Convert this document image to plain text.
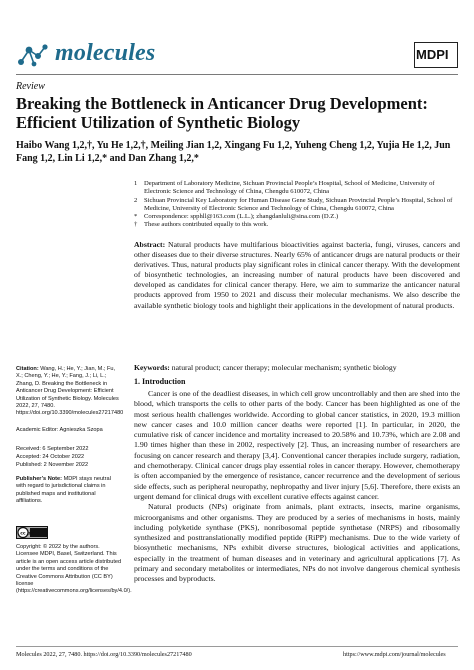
molecules	MDPI
Review
Breaking the Bottleneck in Anticancer Drug Development: Efficient Utilization of Synthetic Biology
Haibo Wang 1,2,†, Yu He 1,2,†, Meiling Jian 1,2, Xingang Fu 1,2, Yuheng Cheng 1,2, Yujia He 1,2, Jun Fang 1,2, Lin Li 1,2,* and Dan Zhang 1,2,*
1	Department of Laboratory Medicine, Sichuan Provincial People’s Hospital, School of Medicine, University of Electronic Science and Technology of China, Chengdu 610072, China
2	Sichuan Provincial Key Laboratory for Human Disease Gene Study, Sichuan Provincial People’s Hospital, School of Medicine, University of Electronic Science and Technology of China, Chengdu 610072, China
*	Correspondence: spphll@163.com (L.L.); zhangdanluli@sina.com (D.Z.)
†	These authors contributed equally to this work.
Abstract: Natural products have multifarious bioactivities against bacteria, fungi, viruses, cancers and other diseases due to their diverse structures. Nearly 65% of anticancer drugs are natural products or their derivatives. Thus, natural products play significant roles in clinical cancer therapy. With the development of biosynthetic technologies, an increasing number of natural products have been discovered and developed as candidates for clinical cancer therapy. Here, we aim to summarize the anticancer natural products approved from 1950 to 2021 and discuss their molecular mechanisms. We also describe the available synthetic biology tools and highlight their applications in the development of natural products.
Keywords: natural product; cancer therapy; molecular mechanism; synthetic biology
Citation: Wang, H.; He, Y.; Jian, M.; Fu, X.; Cheng, Y.; He, Y.; Fang, J.; Li, L.; Zhang, D. Breaking the Bottleneck in Anticancer Drug Development: Efficient Utilization of Synthetic Biology. Molecules 2022, 27, 7480. https://doi.org/10.3390/molecules27217480
Academic Editor: Agnieszka Szopa
Received: 6 September 2022
Accepted: 24 October 2022
Published: 2 November 2022
Publisher’s Note: MDPI stays neutral with regard to jurisdictional claims in published maps and institutional affiliations.
cc by
Copyright: © 2022 by the authors. Licensee MDPI, Basel, Switzerland. This article is an open access article distributed under the terms and conditions of the Creative Commons Attribution (CC BY) license (https://creativecommons.org/licenses/by/4.0/).
1. Introduction

Cancer is one of the deadliest diseases, in which cell grow uncontrollably and then are shed into the blood, which transports the cells to other parts of the body. Cancer has been highlighted as one of the most serious health challenges worldwide. According to global cancer statistics, in 2020, 19.3 million new cancer cases and 10.0 million cancer deaths were reported [1]. In particular, in 2020, the cumulative risk of cancer incidence and mortality increased to 20.58% and 10.73%, which are 2.08 and 1.90 times higher than these in 2002, respectively [2]. Thus, an increasing number of researchers are focusing on cancer research and therapy [3,4]. Conventional cancer therapies include surgery, radiation, and chemotherapy. Clinical cancer drugs play essential roles in cancer therapy. However, chemotherapy is often accompanied by the emergence of resistance, cancer recurrence and the development of serious side effects, such as peripheral neuropathy, nephropathy and liver injury [5,6]. Therefore, there exists an urgent demand for clinical drugs with excellent curative effects against cancer.

Natural products (NPs) originate from animals, plant extracts, insects, marine organisms, microorganisms and other organisms. They are produced by a series of mechanisms in hosts, mainly including polyketide synthase (PKS), nonribosomal peptide synthetase (NRPS) and ribosomally synthesized and posttranslationally modified peptide (RiPP) mechanisms. Due to the wide variety of biosynthetic mechanisms, NPs exhibit diverse structures, biological activities and applications, especially in the treatment of human diseases and in veterinary and agricultural applications [7]. As primary and secondary metabolites or intermediates, NPs do not involve dangerous chemical synthesis processes and byproducts.

Molecules 2022, 27, 7480. https://doi.org/10.3390/molecules27217480	https://www.mdpi.com/journal/molecules
